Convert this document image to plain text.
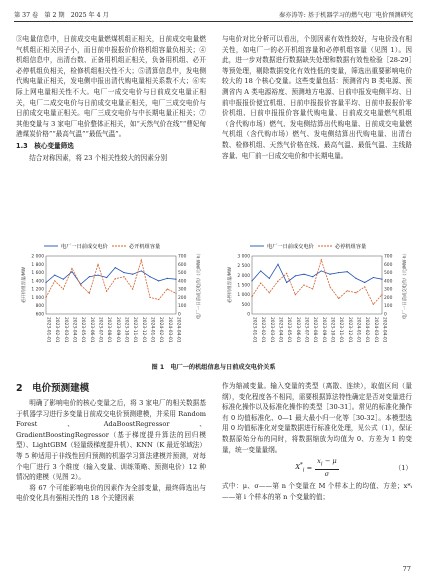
第 37 卷　第 2 期　2025 年 4 月	秦亦涛等: 基于机器学习的燃气电厂电价预测研究

③电量信息中，日前成交电量燃煤机组正相关，日前成交电量燃气机组正相关因子小，而日前申报报价价格机组容量负相关；④机组信息中，出清台数、正备用机组正相关，负备用机组、必开必停机组负相关，检修机组相关性不大；⑤清算信息中，发电侧代购电量正相关，发电侧申报出清代购电量相关系数不大；⑥实际上网电量相关性不大。电厂一成交电价与日前成交电量正相关，电厂二成交电价与日前成交电量正相关，电厂三成交电价与日前成交电量正相关。电厂三成交电价与中长期电量正相关；⑦其他变量与 3 家电厂电价整体正相关，如“天然气价在线”“曹妃甸港煤炭价格”“最高气温”“最低气温”。

1.3　核心变量筛选

结合对称因素，将 23 个相关性较大的因素分别

与电价对比分析可以看出，个别因素有效性较好，与电价没有相关性，如电厂一的必开机组容量和必停机组容量（见图 1）。因此，进一步对数据进行数据缺失处理和数据有效性检验［28-29］等预处理，剔除数据变化有效性低的变量，筛选出重要影响电价较大的 18 个核心变量。这些变量包括：预测省内 B 类电源、预测省内 A 类电源裕度、预测地方电源、日前申报发电侧平均、日前申报报价便宜机组、日前申报报价容量平均、日前申报报价零价机组、日前申报报价容量代购电量、日前成交电量燃气机组（含代购市场）燃气、发电侧结算出代购电量、日前成交电量燃气机组（含代购市场）燃气、发电侧结算出代购电量、出清台数、检修机组、天然气价格在线、最高气温、最低气温、主线路容量、电厂前一日成交电价和中长期电量。

电厂一日前成交电价	必开机组容量
2 000
1 800
1 600
1 400
1 200
1 000
800
600
700
600
500
400
300
200
100
0
必开机组容量/MW	电厂一日前成交电价/（元/MW·h）
2023-01-01 2023-02-01 2023-03-01 2023-04-01 2023-05-01 2023-06-01 2023-07-01 2023-08-01 2023-09-01 2023-10-01 2023-11-01 2023-12-01 2024-01-01 2024-02-01 2024-03-01 2024-04-01
电厂一日前成交电价	必停机组容量
3 000
2 500
2 000
1 500
1 000
500
0
700
600
500
400
300
200
100
0
必停机组容量/MW	电厂一日前成交电价/（元/MW·h）
2023-01-01 2023-02-01 2023-03-01 2023-04-01 2023-05-01 2023-06-01 2023-07-01 2023-08-01 2023-09-01 2023-10-01 2023-11-01 2023-12-01 2024-01-01 2024-02-01 2024-03-01 2024-04-01
图 1　电厂一的机组信息与日前成交电价关系
2　电价预测建模

明确了影响电价的核心变量之后，将 3 家电厂的相关数据基于机器学习进行多变量日前成交电价预测建模，并采用 Random Forest、AdaBoostRegressor、GradientBoostingRegressor（基于梯度提升算法的回归模型）、LightGBM（轻量级梯度提升机）、KNN（K 最近邻域法）等 5 种适用于非线性回归预测的机器学习算法建模并预测，对每个电厂进行 3 个维度（输入变量、训练策略、预测电价）12 种情况的建模（见图 2）。

将 67 个可能影响电价的因素作为全部变量，最终筛选出与电价变化具有强相关性的 18 个关键因素

作为缩减变量。输入变量的类型（离散、连续），取值区间（量纲），变化程度各不相同，需要根据算法特性确定是否对变量进行标准化操作以及标准化操作的类型［30-31］。常见的标准化操作有 0 均值标准化、0—1 最大最小归一化等［30-32］。本模型选用 0 均值标准化对变量数据进行标准化处理，见公式（1），保证数据原始分布的同时，将数据缩放为均值为 0、方差为 1 的变量，统一变量量纲。

$X^*_i = \frac{x_i - \mu}{\sigma}$	（1）

式中：μ、σ——第 n 个变量在 M 个样本上的均值、方差；x*ᵢ——第 i 个样本的第 n 个变量的值；

77
